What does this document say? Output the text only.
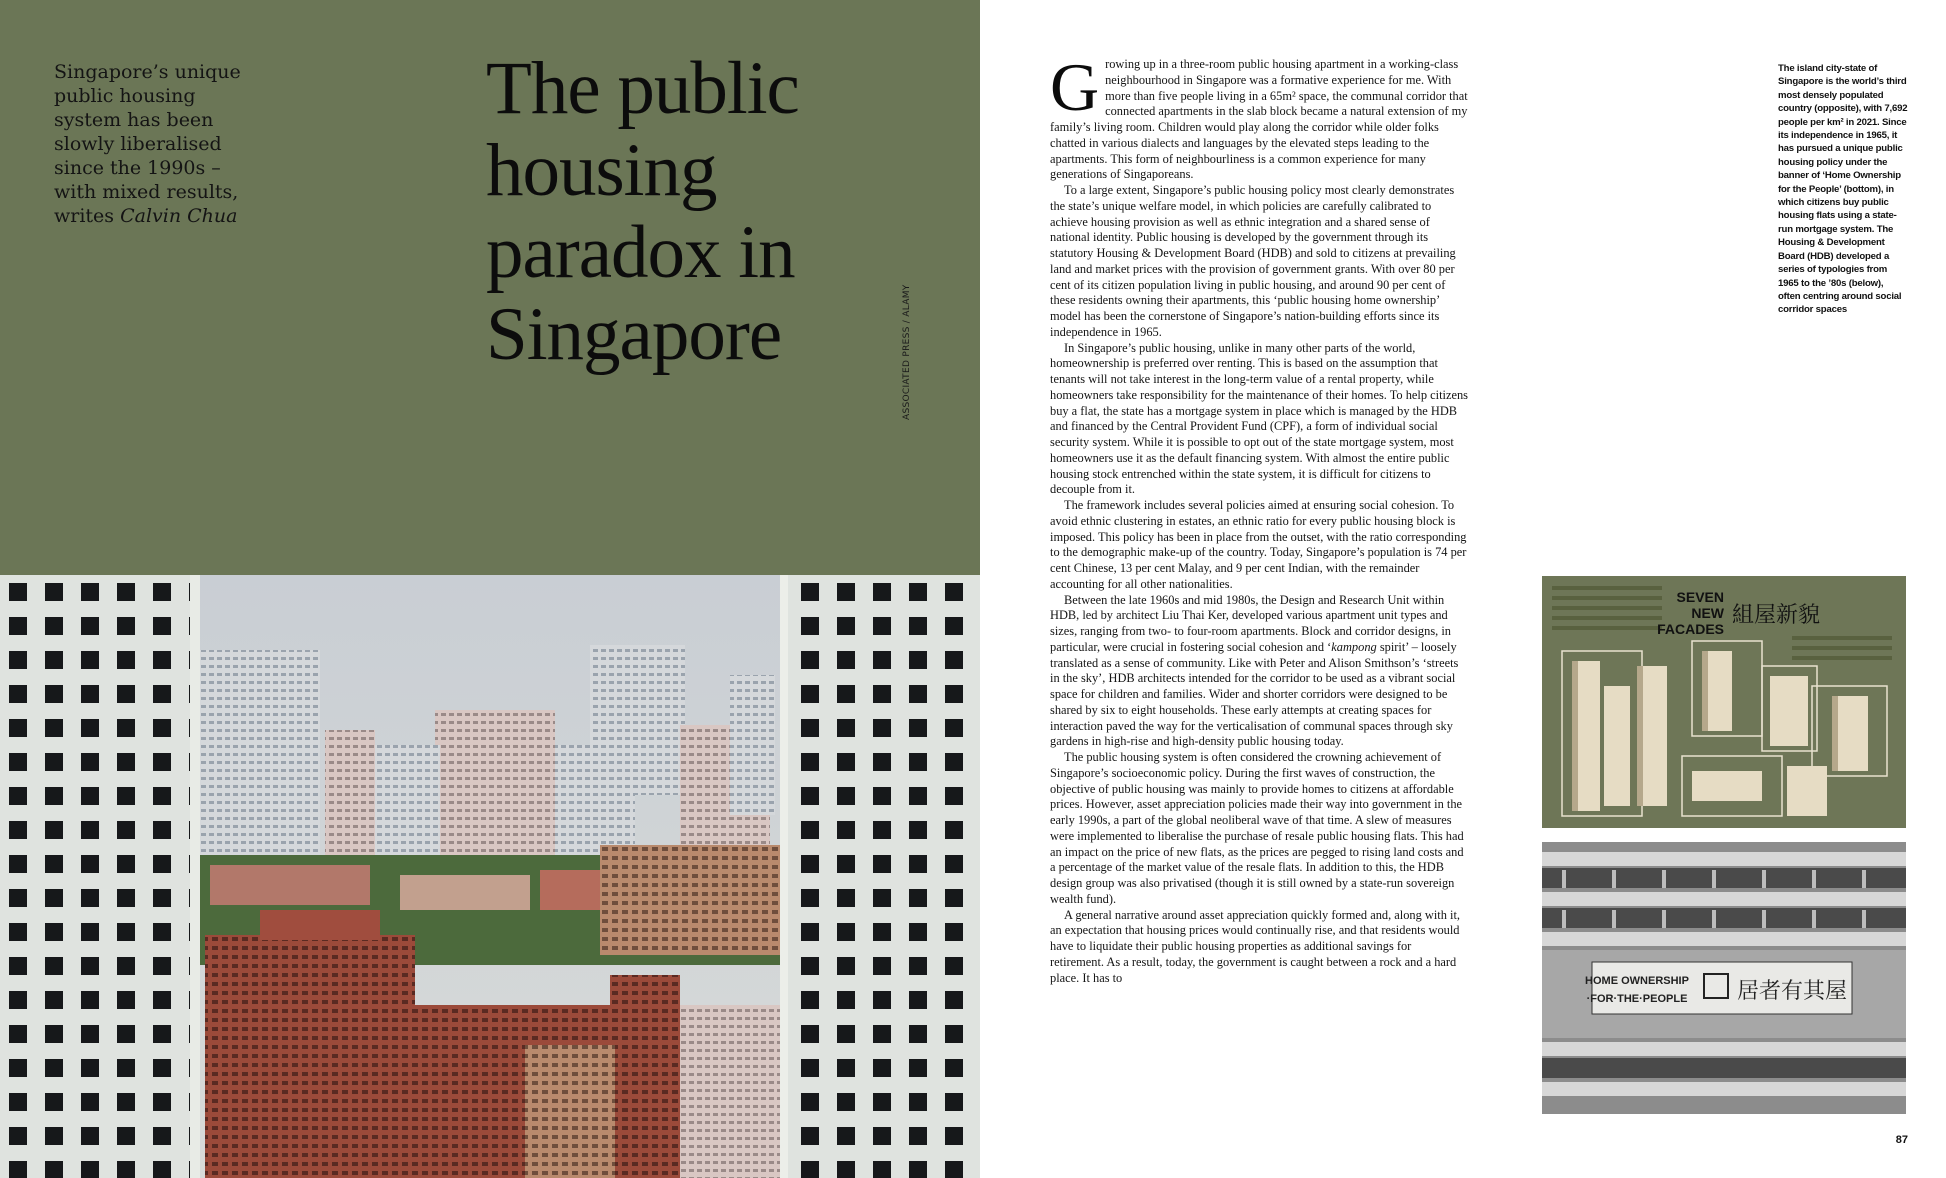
Singapore’s unique public housing system has been slowly liberalised since the 1990s – with mixed results, writes Calvin Chua

The public housing paradox in Singapore	ASSOCIATED PRESS / ALAMY

Growing up in a three-room public housing apartment in a working-class neighbourhood in Singapore was a formative experience for me. With more than five people living in a 65m² space, the communal corridor that connected apartments in the slab block became a natural extension of my family’s living room. Children would play along the corridor while older folks chatted in various dialects and languages by the elevated steps leading to the apartments. This form of neighbourliness is a common experience for many generations of Singaporeans.

To a large extent, Singapore’s public housing policy most clearly demonstrates the state’s unique welfare model, in which policies are carefully calibrated to achieve housing provision as well as ethnic integration and a shared sense of national identity. Public housing is developed by the government through its statutory Housing & Development Board (HDB) and sold to citizens at prevailing land and market prices with the provision of government grants. With over 80 per cent of its citizen population living in public housing, and around 90 per cent of these residents owning their apartments, this ‘public housing home ownership’ model has been the cornerstone of Singapore’s nation-building efforts since its independence in 1965.

In Singapore’s public housing, unlike in many other parts of the world, homeownership is preferred over renting. This is based on the assumption that tenants will not take interest in the long-term value of a rental property, while homeowners take responsibility for the maintenance of their homes. To help citizens buy a flat, the state has a mortgage system in place which is managed by the HDB and financed by the Central Provident Fund (CPF), a form of individual social security system. While it is possible to opt out of the state mortgage system, most homeowners use it as the default financing system. With almost the entire public housing stock entrenched within the state system, it is difficult for citizens to decouple from it.

The framework includes several policies aimed at ensuring social cohesion. To avoid ethnic clustering in estates, an ethnic ratio for every public housing block is imposed. This policy has been in place from the outset, with the ratio corresponding to the demographic make-up of the country. Today, Singapore’s population is 74 per cent Chinese, 13 per cent Malay, and 9 per cent Indian, with the remainder accounting for all other nationalities.

Between the late 1960s and mid 1980s, the Design and Research Unit within HDB, led by architect Liu Thai Ker, developed various apartment unit types and sizes, ranging from two- to four-room apartments. Block and corridor designs, in particular, were crucial in fostering social cohesion and ‘kampong spirit’ – loosely translated as a sense of community. Like with Peter and Alison Smithson’s ‘streets in the sky’, HDB architects intended for the corridor to be used as a vibrant social space for children and families. Wider and shorter corridors were designed to be shared by six to eight households. These early attempts at creating spaces for interaction paved the way for the verticalisation of communal spaces through sky gardens in high-rise and high-density public housing today.

The public housing system is often considered the crowning achievement of Singapore’s socioeconomic policy. During the first waves of construction, the objective of public housing was mainly to provide homes to citizens at affordable prices. However, asset appreciation policies made their way into government in the early 1990s, a part of the global neoliberal wave of that time. A slew of measures were implemented to liberalise the purchase of resale public housing flats. This had an impact on the price of new flats, as the prices are pegged to rising land costs and a percentage of the market value of the resale flats. In addition to this, the HDB design group was also privatised (though it is still owned by a state-run sovereign wealth fund).

A general narrative around asset appreciation quickly formed and, along with it, an expectation that housing prices would continually rise, and that residents would have to liquidate their public housing properties as additional savings for retirement. As a result, today, the government is caught between a rock and a hard place. It has to

The island city-state of Singapore is the world’s third most densely populated country (opposite), with 7,692 people per km² in 2021. Since its independence in 1965, it has pursued a unique public housing policy under the banner of ‘Home Ownership for the People’ (bottom), in which citizens buy public housing flats using a state-run mortgage system. The Housing & Development Board (HDB) developed a series of typologies from 1965 to the ’80s (below), often centring around social corridor spaces

SEVEN
NEW
FACADES
組屋新貌
HOME OWNERSHIP
·FOR·THE·PEOPLE 居者有其屋
87
